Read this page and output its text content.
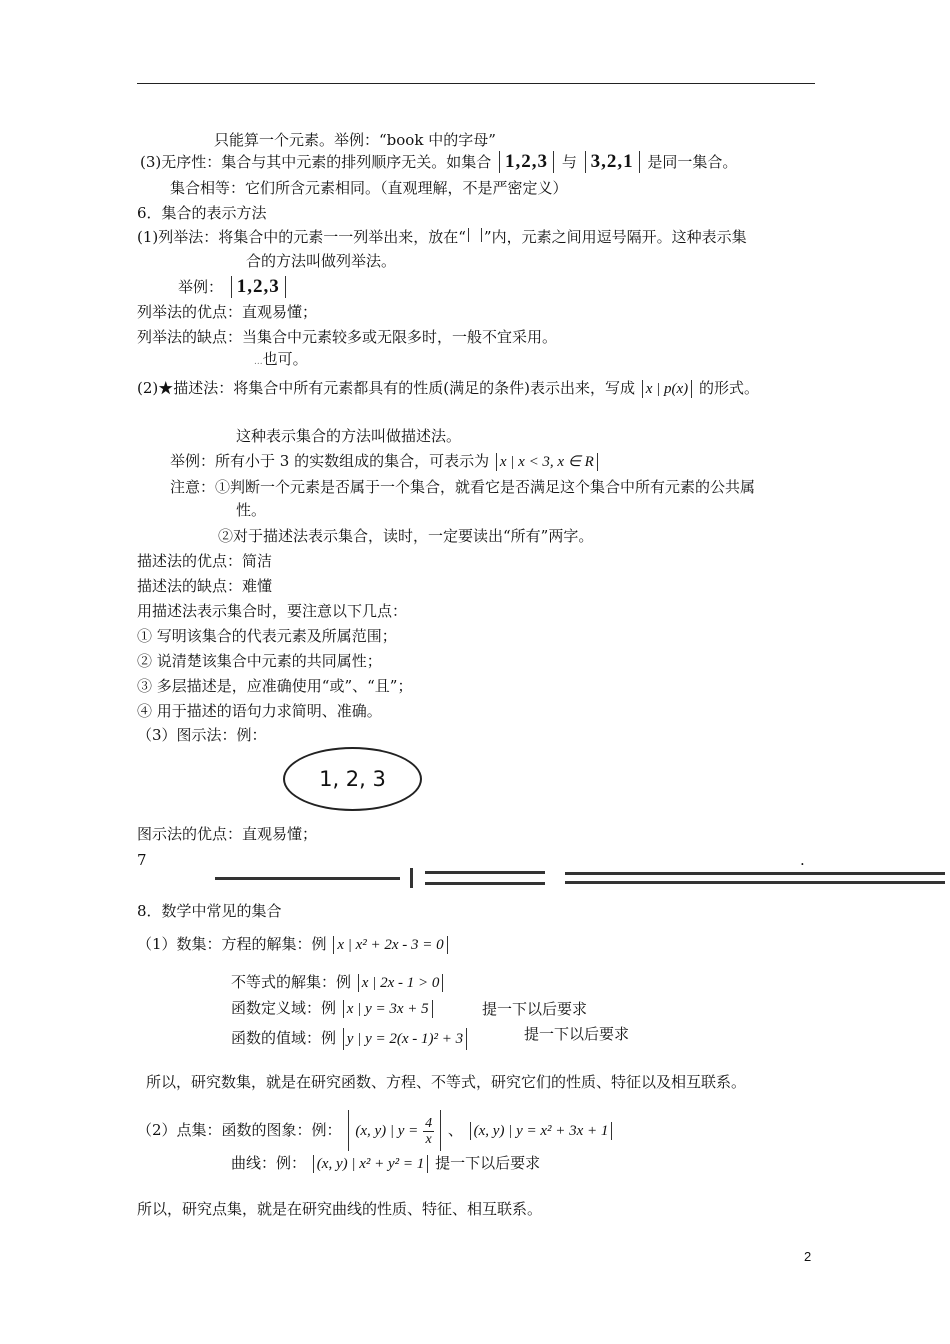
只能算一个元素。举例：“book 中的字母”
(3)无序性：集合与其中元素的排列顺序无关。如集合 1,2,3 与 3,2,1 是同一集合。
集合相等：它们所含元素相同。（直观理解，不是严密定义）
6．集合的表示方法
(1)列举法：将集合中的元素一一列举出来，放在“ ”内，元素之间用逗号隔开。这种表示集
合的方法叫做列举法。
举例： 1,2,3
列举法的优点：直观易懂；
列举法的缺点：当集合中元素较多或无限多时，一般不宜采用。
...也可。
(2)★描述法：将集合中所有元素都具有的性质(满足的条件)表示出来，写成 x | p(x) 的形式。
这种表示集合的方法叫做描述法。
举例：所有小于 3 的实数组成的集合，可表示为 x | x < 3, x ∈ R
注意：①判断一个元素是否属于一个集合，就看它是否满足这个集合中所有元素的公共属
性。
②对于描述法表示集合，读时，一定要读出“所有”两字。
描述法的优点：简洁
描述法的缺点：难懂
用描述法表示集合时，要注意以下几点：
① 写明该集合的代表元素及所属范围；
② 说清楚该集合中元素的共同属性；
③ 多层描述是，应准确使用“或”、“且”；
④ 用于描述的语句力求简明、准确。
（3）图示法：例：
1, 2, 3
图示法的优点：直观易懂；
7	.
8．数学中常见的集合
（1）数集：方程的解集：例 x | x² + 2x - 3 = 0
不等式的解集：例 x | 2x - 1 > 0
函数定义域：例 x | y = 3x + 5	提一下以后要求
函数的值域：例 y | y = 2(x - 1)² + 3	提一下以后要求
所以，研究数集，就是在研究函数、方程、不等式，研究它们的性质、特征以及相互联系。
（2）点集：函数的图象：例： (x, y) | $y = \frac{4}{x}$ 、 (x, y) | y = x² + 3x + 1
曲线：例： (x, y) | x² + y² = 1 提一下以后要求
所以，研究点集，就是在研究曲线的性质、特征、相互联系。
2
